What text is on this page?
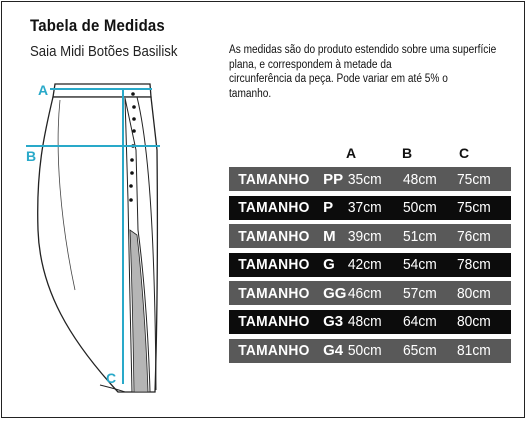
Tabela de Medidas
Saia Midi Botões Basilisk	As medidas são do produto estendido sobre uma superfície
plana, e correspondem à metade da
circunferência da peça. Pode variar em até 5% o
tamanho.
A
B
C
A	B	C
TAMANHO PP 35cm	48cm	75cm
TAMANHO P	37cm	50cm	75cm
TAMANHO M 39cm	51cm	76cm
TAMANHO G 42cm	54cm	78cm
TAMANHO GG 46cm	57cm	80cm
TAMANHO G3 48cm	64cm	80cm
TAMANHO G4 50cm	65cm	81cm
